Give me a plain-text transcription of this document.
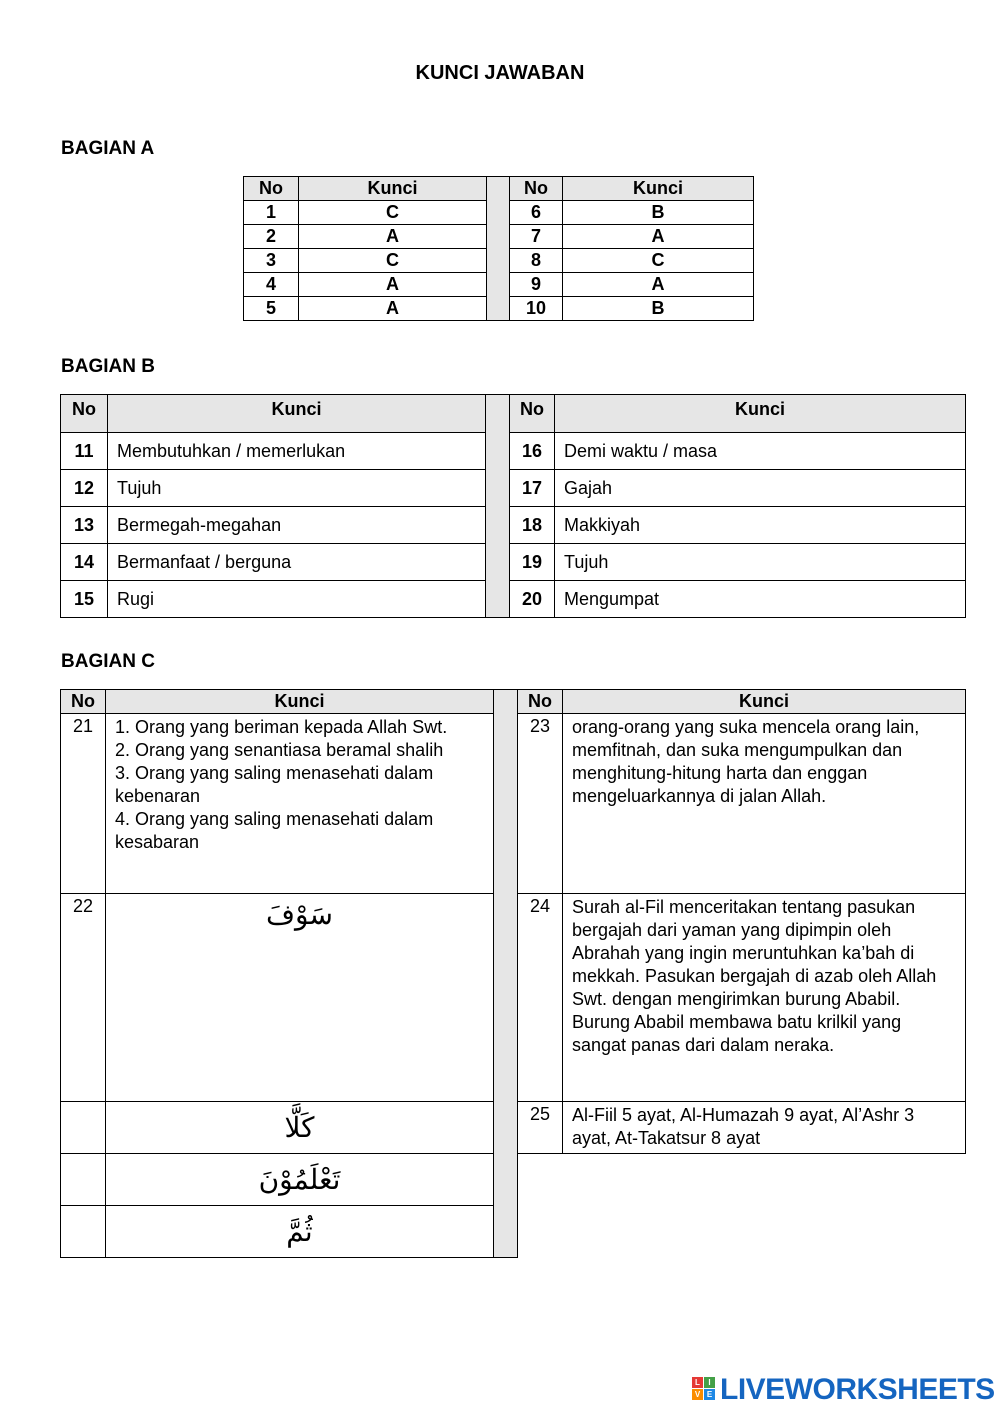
KUNCI JAWABAN
BAGIAN A
No	Kunci		No	Kunci
1	C		6	B
2	A		7	A
3	C		8	C
4	A		9	A
5	A		10	B
BAGIAN B
No	Kunci		No	Kunci
11	Membutuhkan / memerlukan		16	Demi waktu / masa
12	Tujuh		17	Gajah
13	Bermegah-megahan		18	Makkiyah
14	Bermanfaat / berguna		19	Tujuh
15	Rugi		20	Mengumpat
BAGIAN C
No	Kunci		No	Kunci
21	1. Orang yang beriman kepada Allah Swt.
2. Orang yang senantiasa beramal shalih
3. Orang yang saling menasehati dalam kebenaran
4. Orang yang saling menasehati dalam kesabaran		23	orang-orang yang suka mencela orang lain, memfitnah, dan suka mengumpulkan dan menghitung-hitung harta dan enggan mengeluarkannya di jalan Allah.
22	سَوْفَ		24	Surah al-Fil menceritakan tentang pasukan bergajah dari yaman yang dipimpin oleh Abrahah yang ingin meruntuhkan ka’bah di mekkah. Pasukan bergajah di azab oleh Allah Swt. dengan mengirimkan burung Ababil. Burung Ababil membawa batu krilkil yang sangat panas dari dalam neraka.
	كَلَّا		25	Al-Fiil 5 ayat, Al-Humazah 9 ayat, Al’Ashr 3 ayat, At-Takatsur 8 ayat
	تَعْلَمُوْنَ			
	ثُمَّ			
L	I
V E LIVEWORKSHEETS
